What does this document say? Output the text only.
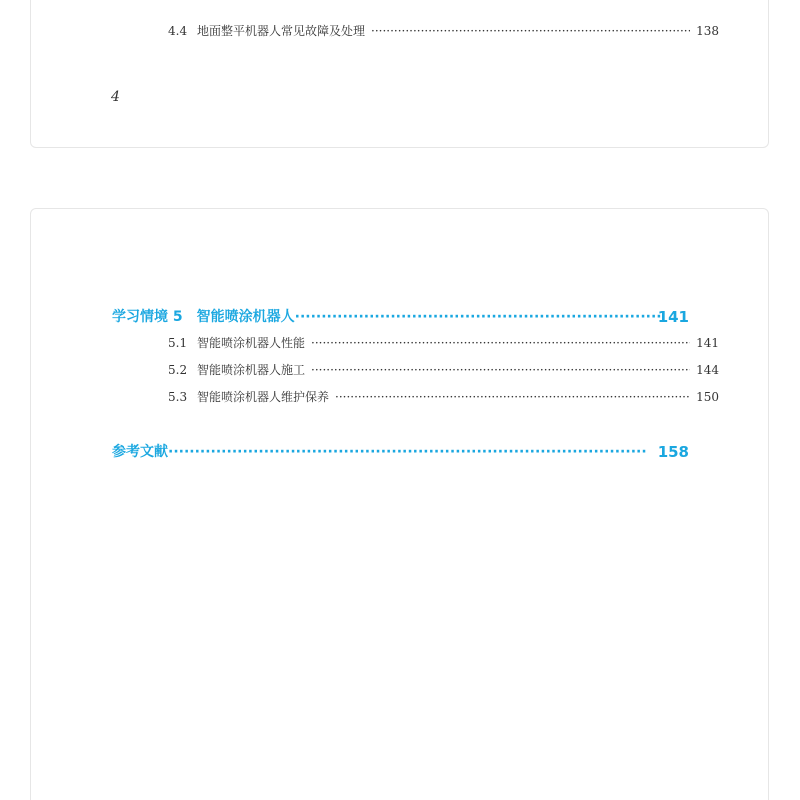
·····
4.4 地面整平机器人常见故障及处理 ·····	138
4
学习情境 5　智能喷涂机器人 ·····	141
5.1 智能喷涂机器人性能 ·····	141
5.2 智能喷涂机器人施工 ·····	144
5.3 智能喷涂机器人维护保养 ·····	150
参考文献 ·····	158
